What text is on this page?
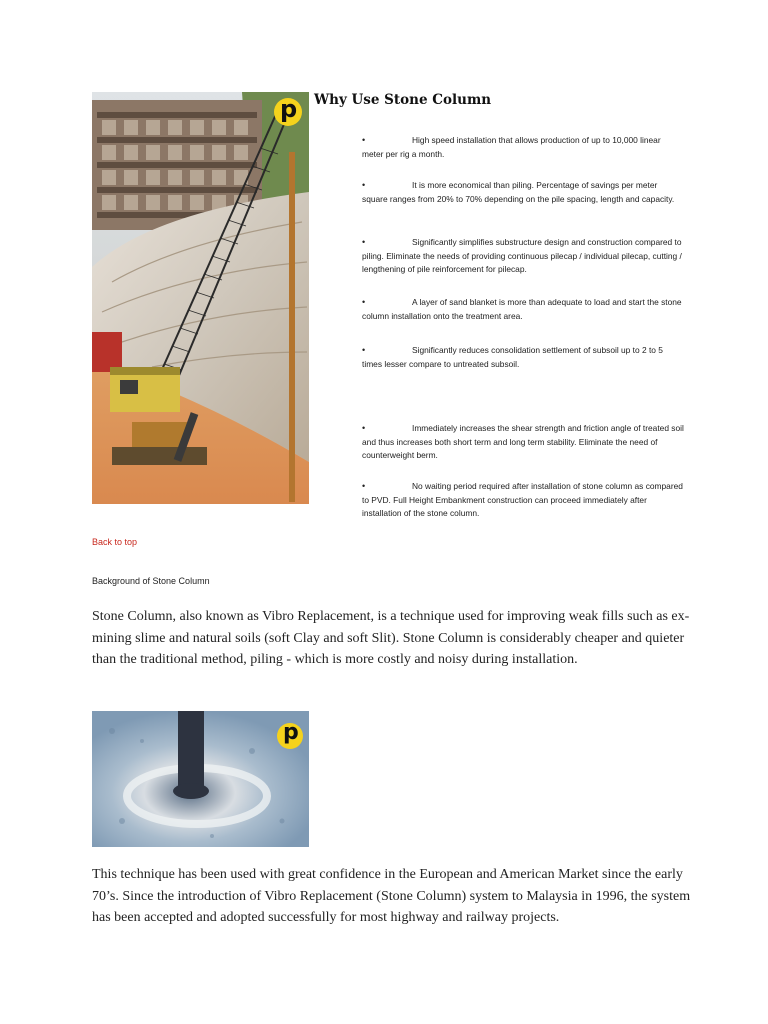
p Why Use Stone Column
•	High speed installation that allows production of up to 10,000 linear meter per rig a month.
•	It is more economical than piling. Percentage of savings per meter square ranges from 20% to 70% depending on the pile spacing, length and capacity.
•	Significantly simplifies substructure design and construction compared to piling. Eliminate the needs of providing continuous pilecap / individual pilecap, cutting / lengthening of pile reinforcement for pilecap.
•	A layer of sand blanket is more than adequate to load and start the stone column installation onto the treatment area.
•	Significantly reduces consolidation settlement of subsoil up to 2 to 5 times lesser compare to untreated subsoil.
•	Immediately increases the shear strength and friction angle of treated soil and thus increases both short term and long term stability. Eliminate the need of counterweight berm.
•	No waiting period required after installation of stone column as compared to PVD. Full Height Embankment construction can proceed immediately after installation of the stone column.
Back to top
Background of Stone Column

Stone Column, also known as Vibro Replacement, is a technique used for improving weak fills such as ex-mining slime and natural soils (soft Clay and soft Slit). Stone Column is considerably cheaper and quieter than the traditional method, piling - which is more costly and noisy during installation.

p

This technique has been used with great confidence in the European and American Market since the early 70’s. Since the introduction of Vibro Replacement (Stone Column) system to Malaysia in 1996, the system has been accepted and adopted successfully for most highway and railway projects.
